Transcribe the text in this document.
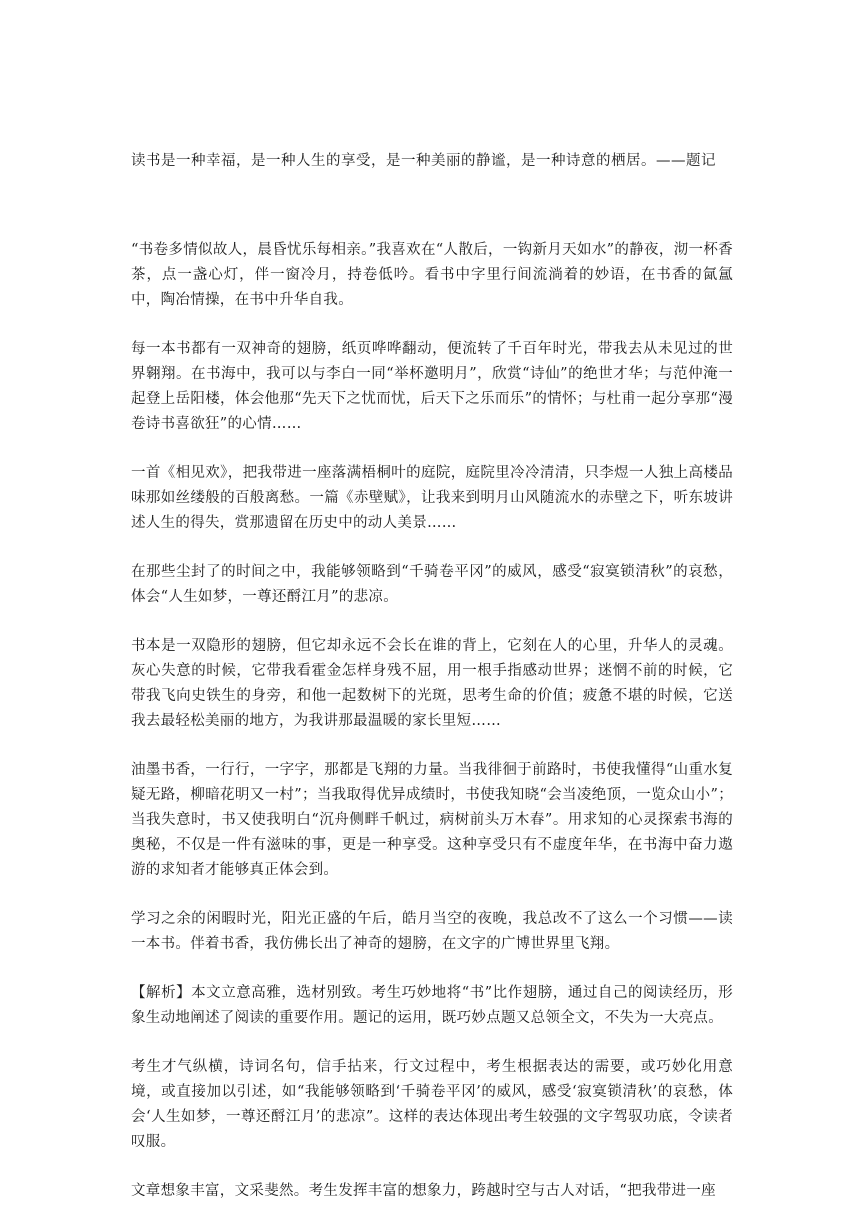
读书是一种幸福，是一种人生的享受，是一种美丽的静谧，是一种诗意的栖居。——题记

“书卷多情似故人，晨昏忧乐每相亲。”我喜欢在“人散后，一钩新月天如水”的静夜，沏一杯香茶，点一盏心灯，伴一窗冷月，持卷低吟。看书中字里行间流淌着的妙语，在书香的氤氲中，陶冶情操，在书中升华自我。

每一本书都有一双神奇的翅膀，纸页哗哗翻动，便流转了千百年时光，带我去从未见过的世界翱翔。在书海中，我可以与李白一同“举杯邀明月”，欣赏“诗仙”的绝世才华；与范仲淹一起登上岳阳楼，体会他那“先天下之忧而忧，后天下之乐而乐”的情怀；与杜甫一起分享那“漫卷诗书喜欲狂”的心情……

一首《相见欢》，把我带进一座落满梧桐叶的庭院，庭院里冷冷清清，只李煜一人独上高楼品味那如丝缕般的百般离愁。一篇《赤壁赋》，让我来到明月山风随流水的赤壁之下，听东坡讲述人生的得失，赏那遗留在历史中的动人美景……

在那些尘封了的时间之中，我能够领略到“千骑卷平冈”的威风，感受“寂寞锁清秋”的哀愁，体会“人生如梦，一尊还酹江月”的悲凉。

书本是一双隐形的翅膀，但它却永远不会长在谁的背上，它刻在人的心里，升华人的灵魂。灰心失意的时候，它带我看霍金怎样身残不屈，用一根手指感动世界；迷惘不前的时候，它带我飞向史铁生的身旁，和他一起数树下的光斑，思考生命的价值；疲惫不堪的时候，它送我去最轻松美丽的地方，为我讲那最温暖的家长里短……

油墨书香，一行行，一字字，那都是飞翔的力量。当我徘徊于前路时，书使我懂得“山重水复疑无路，柳暗花明又一村”；当我取得优异成绩时，书使我知晓“会当凌绝顶，一览众山小”；当我失意时，书又使我明白“沉舟侧畔千帆过，病树前头万木春”。用求知的心灵探索书海的奥秘，不仅是一件有滋味的事，更是一种享受。这种享受只有不虚度年华，在书海中奋力遨游的求知者才能够真正体会到。

学习之余的闲暇时光，阳光正盛的午后，皓月当空的夜晚，我总改不了这么一个习惯——读一本书。伴着书香，我仿佛长出了神奇的翅膀，在文字的广博世界里飞翔。

【解析】本文立意高雅，选材别致。考生巧妙地将“书”比作翅膀，通过自己的阅读经历，形象生动地阐述了阅读的重要作用。题记的运用，既巧妙点题又总领全文，不失为一大亮点。

考生才气纵横，诗词名句，信手拈来，行文过程中，考生根据表达的需要，或巧妙化用意境，或直接加以引述，如“我能够领略到‘千骑卷平冈’的威风，感受‘寂寞锁清秋’的哀愁，体会‘人生如梦，一尊还酹江月’的悲凉”。这样的表达体现出考生较强的文字驾驭功底，令读者叹服。

文章想象丰富，文采斐然。考生发挥丰富的想象力，跨越时空与古人对话，“把我带进一座
